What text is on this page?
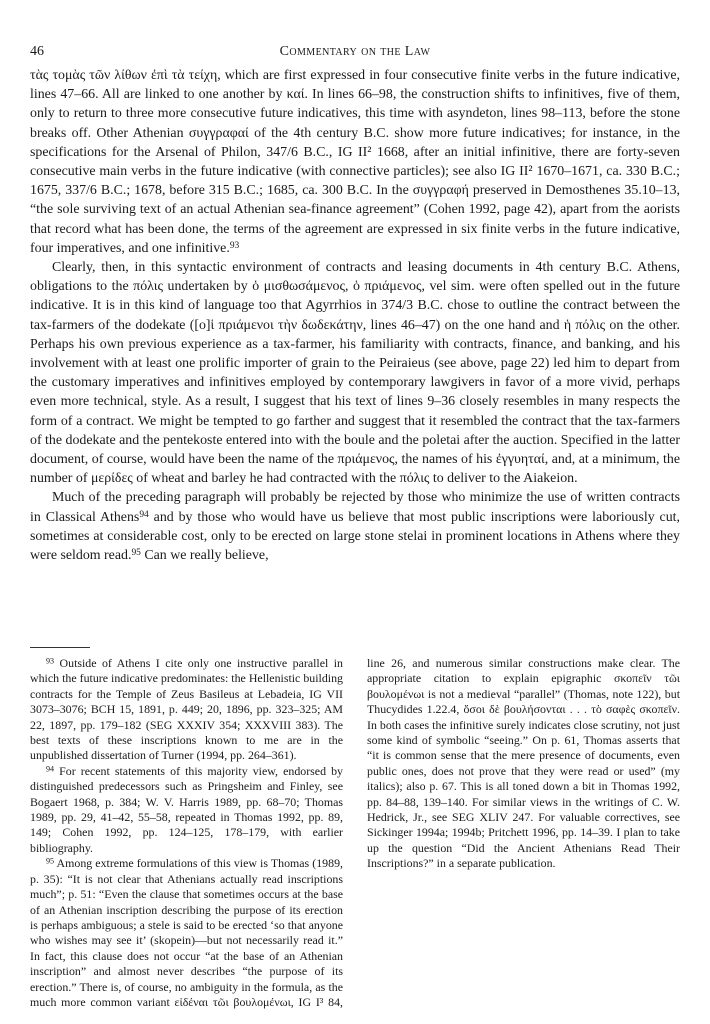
46	Commentary on the Law

τὰς τομὰς τῶν λίθων ἐπὶ τὰ τείχη, which are first expressed in four consecutive finite verbs in the future indicative, lines 47–66. All are linked to one another by καί. In lines 66–98, the construction shifts to infinitives, five of them, only to return to three more consecutive future indicatives, this time with asyndeton, lines 98–113, before the stone breaks off. Other Athenian συγγραφαί of the 4th century B.C. show more future indicatives; for instance, in the specifications for the Arsenal of Philon, 347/6 B.C., IG II² 1668, after an initial infinitive, there are forty-seven consecutive main verbs in the future indicative (with connective particles); see also IG II² 1670–1671, ca. 330 B.C.; 1675, 337/6 B.C.; 1678, before 315 B.C.; 1685, ca. 300 B.C. In the συγγραφή preserved in Demosthenes 35.10–13, “the sole surviving text of an actual Athenian sea-finance agreement” (Cohen 1992, page 42), apart from the aorists that record what has been done, the terms of the agreement are expressed in six finite verbs in the future indicative, four imperatives, and one infinitive.$^{93}$

Clearly, then, in this syntactic environment of contracts and leasing documents in 4th century B.C. Athens, obligations to the πόλις undertaken by ὁ μισθωσάμενος, ὁ πριάμενος, vel sim. were often spelled out in the future indicative. It is in this kind of language too that Agyrrhios in 374/3 B.C. chose to outline the contract between the tax-farmers of the dodekate ([ο]ἱ πριάμενοι τὴν δωδεκάτην, lines 46–47) on the one hand and ἡ πόλις on the other. Perhaps his own previous experience as a tax-farmer, his familiarity with contracts, finance, and banking, and his involvement with at least one prolific importer of grain to the Peiraieus (see above, page 22) led him to depart from the customary imperatives and infinitives employed by contemporary lawgivers in favor of a more vivid, perhaps even more technical, style. As a result, I suggest that his text of lines 9–36 closely resembles in many respects the form of a contract. We might be tempted to go farther and suggest that it resembled the contract that the tax-farmers of the dodekate and the pentekoste entered into with the boule and the poletai after the auction. Specified in the latter document, of course, would have been the name of the πριάμενος, the names of his ἐγγυηταί, and, at a minimum, the number of μερίδες of wheat and barley he had contracted with the πόλις to deliver to the Aiakeion.

Much of the preceding paragraph will probably be rejected by those who minimize the use of written contracts in Classical Athens$^{94}$ and by those who would have us believe that most public inscriptions were laboriously cut, sometimes at considerable cost, only to be erected on large stone stelai in prominent locations in Athens where they were seldom read.$^{95}$ Can we really believe,

$^{93}$ Outside of Athens I cite only one instructive parallel in which the future indicative predominates: the Hellenistic building contracts for the Temple of Zeus Basileus at Lebadeia, IG VII 3073–3076; BCH 15, 1891, p. 449; 20, 1896, pp. 323–325; AM 22, 1897, pp. 179–182 (SEG XXXIV 354; XXXVIII 383). The best texts of these inscriptions known to me are in the unpublished dissertation of Turner (1994, pp. 264–361).

$^{94}$ For recent statements of this majority view, endorsed by distinguished predecessors such as Pringsheim and Finley, see Bogaert 1968, p. 384; W. V. Harris 1989, pp. 68–70; Thomas 1989, pp. 29, 41–42, 55–58, repeated in Thomas 1992, pp. 89, 149; Cohen 1992, pp. 124–125, 178–179, with earlier bibliography.

$^{95}$ Among extreme formulations of this view is Thomas (1989, p. 35): “It is not clear that Athenians actually read inscriptions much”; p. 51: “Even the clause that sometimes occurs at the base of an Athenian inscription describing the purpose of its erection is perhaps ambiguous; a stele is said to be erected ‘so that anyone who wishes may see it’ (skopein)—but not necessarily read it.” In fact, this clause does not occur “at the base of an Athenian inscription” and almost never describes “the purpose of its erection.” There is, of course, no ambiguity in the formula, as the much more common variant εἰδέναι τῶι βουλομένωι, IG I³ 84, line 26, and numerous similar constructions make clear. The appropriate citation to explain epigraphic σκοπεῖν τῶι βουλομένωι is not a medieval “parallel” (Thomas, note 122), but Thucydides 1.22.4, ὅσοι δὲ βουλήσονται . . . τὸ σαφὲς σκοπεῖν. In both cases the infinitive surely indicates close scrutiny, not just some kind of symbolic “seeing.” On p. 61, Thomas asserts that “it is common sense that the mere presence of documents, even public ones, does not prove that they were read or used” (my italics); also p. 67. This is all toned down a bit in Thomas 1992, pp. 84–88, 139–140. For similar views in the writings of C. W. Hedrick, Jr., see SEG XLIV 247. For valuable correctives, see Sickinger 1994a; 1994b; Pritchett 1996, pp. 14–39. I plan to take up the question “Did the Ancient Athenians Read Their Inscriptions?” in a separate publication.
